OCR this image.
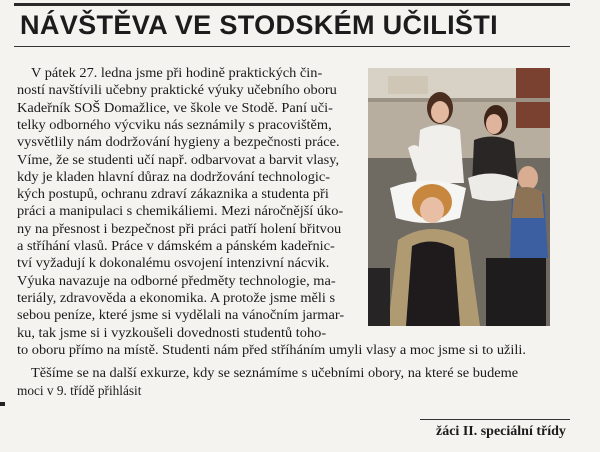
NÁVŠTĚVA VE STODSKÉM UČILIŠTI
V pátek 27. ledna jsme při hodině praktických čin-
ností navštívili učebny praktické výuky učebního oboru
Kadeřník SOŠ Domažlice, ve škole ve Stodě. Paní uči-
telky odborného výcviku nás seznámily s pracovištěm,
vysvětlily nám dodržování hygieny a bezpečnosti práce.
Víme, že se studenti učí např. odbarvovat a barvit vlasy,
kdy je kladen hlavní důraz na dodržování technologic-
kých postupů, ochranu zdraví zákaznika a studenta při
práci a manipulaci s chemikáliemi. Mezi náročnější úko-
ny na přesnost i bezpečnost při práci patří holení břitvou
a stříhání vlasů. Práce v dámském a pánském kadeřnic-
tví vyžadují k dokonalému osvojení intenzivní nácvik.
Výuka navazuje na odborné předměty technologie, ma-
teriály, zdravověda a ekonomika. A protože jsme měli s
sebou peníze, které jsme si vydělali na vánočním jarmar-
ku, tak jsme si i vyzkoušeli dovednosti studentů toho-
to oboru přímo na místě. Studenti nám před stříháním umyli vlasy a moc jsme si to užili.
Těšíme se na další exkurze, kdy se seznámíme s učebními obory, na které se budeme
moci v 9. třídě přihlásit
žáci II. speciální třídy
